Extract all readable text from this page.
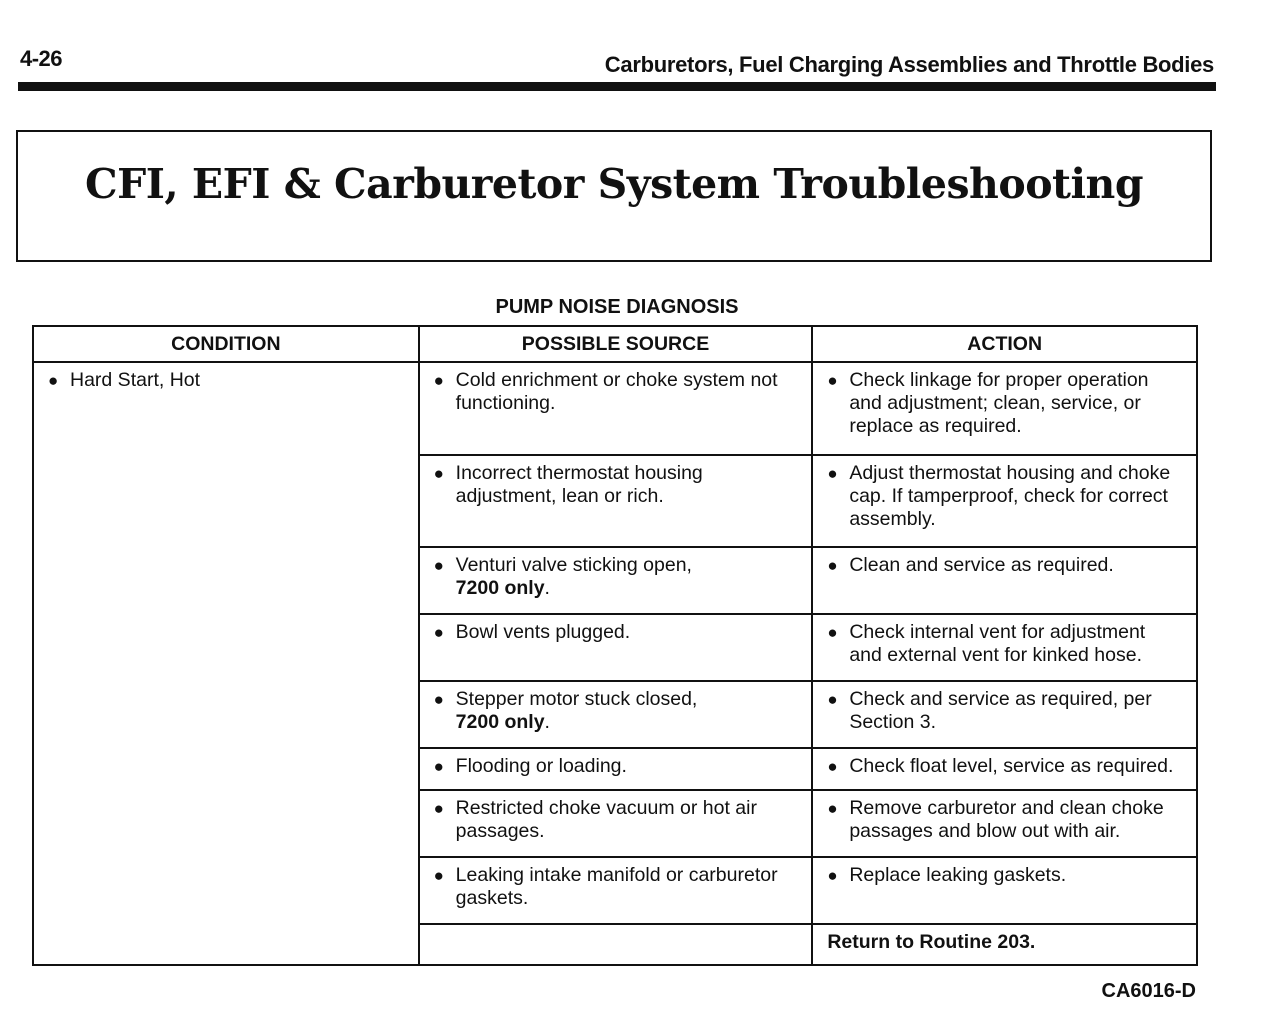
4-26	Carburetors, Fuel Charging Assemblies and Throttle Bodies
CFI, EFI & Carburetor System Troubleshooting
PUMP NOISE DIAGNOSIS
CONDITION	POSSIBLE SOURCE	ACTION

● Hard Start, Hot	● Cold enrichment or choke system not functioning.	● Check linkage for proper operation and adjustment; clean, service, or replace as required.

	● Incorrect thermostat housing adjustment, lean or rich.	● Adjust thermostat housing and choke cap. If tamperproof, check for correct assembly.

	● Venturi valve sticking open,
7200 only.	● Clean and service as required.

	● Bowl vents plugged.	● Check internal vent for adjustment and external vent for kinked hose.

	● Stepper motor stuck closed,
7200 only.	● Check and service as required, per Section 3.

	● Flooding or loading.	● Check float level, service as required.

	● Restricted choke vacuum or hot air passages.	● Remove carburetor and clean choke passages and blow out with air.

	● Leaking intake manifold or carburetor gaskets.	● Replace leaking gaskets.

		Return to Routine 203.
CA6016-D
